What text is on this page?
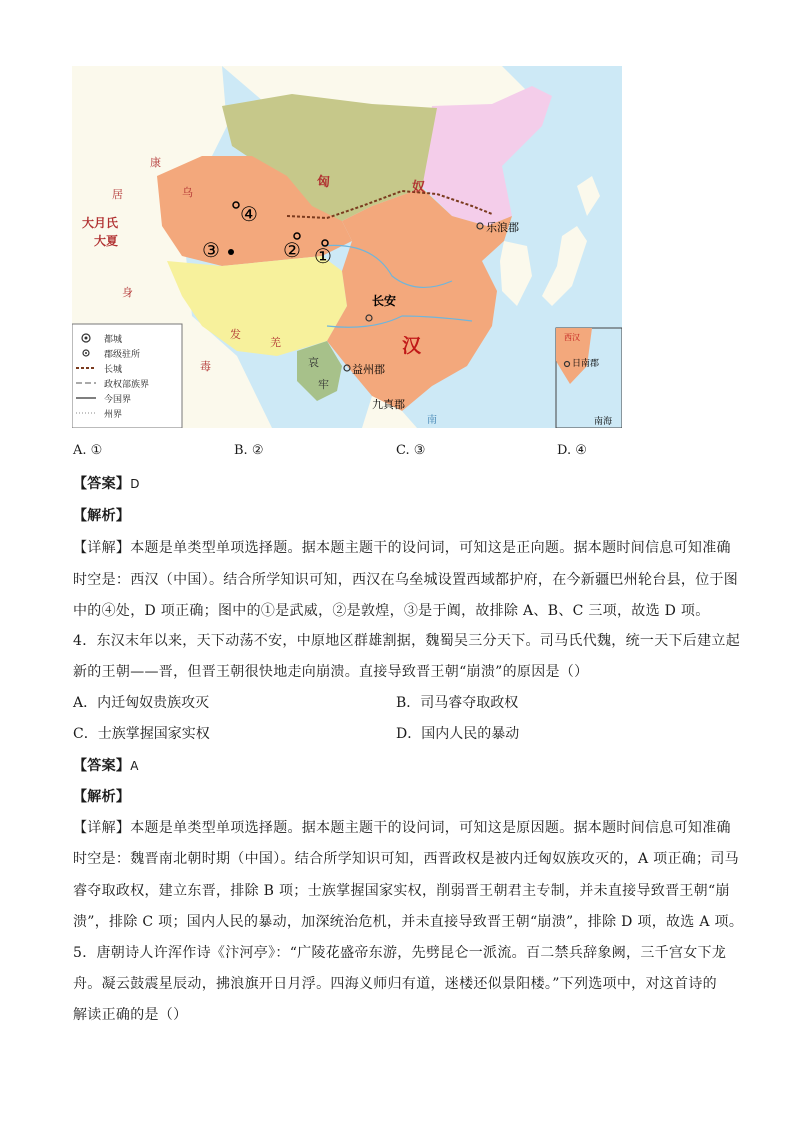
匈	奴
康
居	乌
大月氏
大夏
身
毒
发
羌
哀
牢
汉
长安
乐浪郡
益州郡
九真郡
日南郡
西汉
南海
南
①
②
③
④
都城
郡级驻所
长城
政权部族界
今国界
州界
A. ①	B. ②	C. ③	D. ④
【答案】D
【解析】
【详解】本题是单类型单项选择题。据本题主题干的设问词，可知这是正向题。据本题时间信息可知准确
时空是：西汉（中国）。结合所学知识可知，西汉在乌垒城设置西域都护府，在今新疆巴州轮台县，位于图
中的④处，D 项正确；图中的①是武威，②是敦煌，③是于阗，故排除 A、B、C 三项，故选 D 项。
4．东汉末年以来，天下动荡不安，中原地区群雄割据，魏蜀吴三分天下。司马氏代魏，统一天下后建立起
新的王朝——晋，但晋王朝很快地走向崩溃。直接导致晋王朝“崩溃”的原因是（）
A．内迁匈奴贵族攻灭	B．司马睿夺取政权
C．士族掌握国家实权	D．国内人民的暴动
【答案】A
【解析】
【详解】本题是单类型单项选择题。据本题主题干的设问词，可知这是原因题。据本题时间信息可知准确
时空是：魏晋南北朝时期（中国）。结合所学知识可知，西晋政权是被内迁匈奴族攻灭的，A 项正确；司马
睿夺取政权，建立东晋，排除 B 项；士族掌握国家实权，削弱晋王朝君主专制，并未直接导致晋王朝“崩
溃”，排除 C 项；国内人民的暴动，加深统治危机，并未直接导致晋王朝“崩溃”，排除 D 项，故选 A 项。
5．唐朝诗人许浑作诗《汴河亭》：“广陵花盛帝东游，先劈昆仑一派流。百二禁兵辞象阙，三千宫女下龙
舟。凝云鼓震星辰动，拂浪旗开日月浮。四海义师归有道，迷楼还似景阳楼。”下列选项中，对这首诗的
解读正确的是（）
